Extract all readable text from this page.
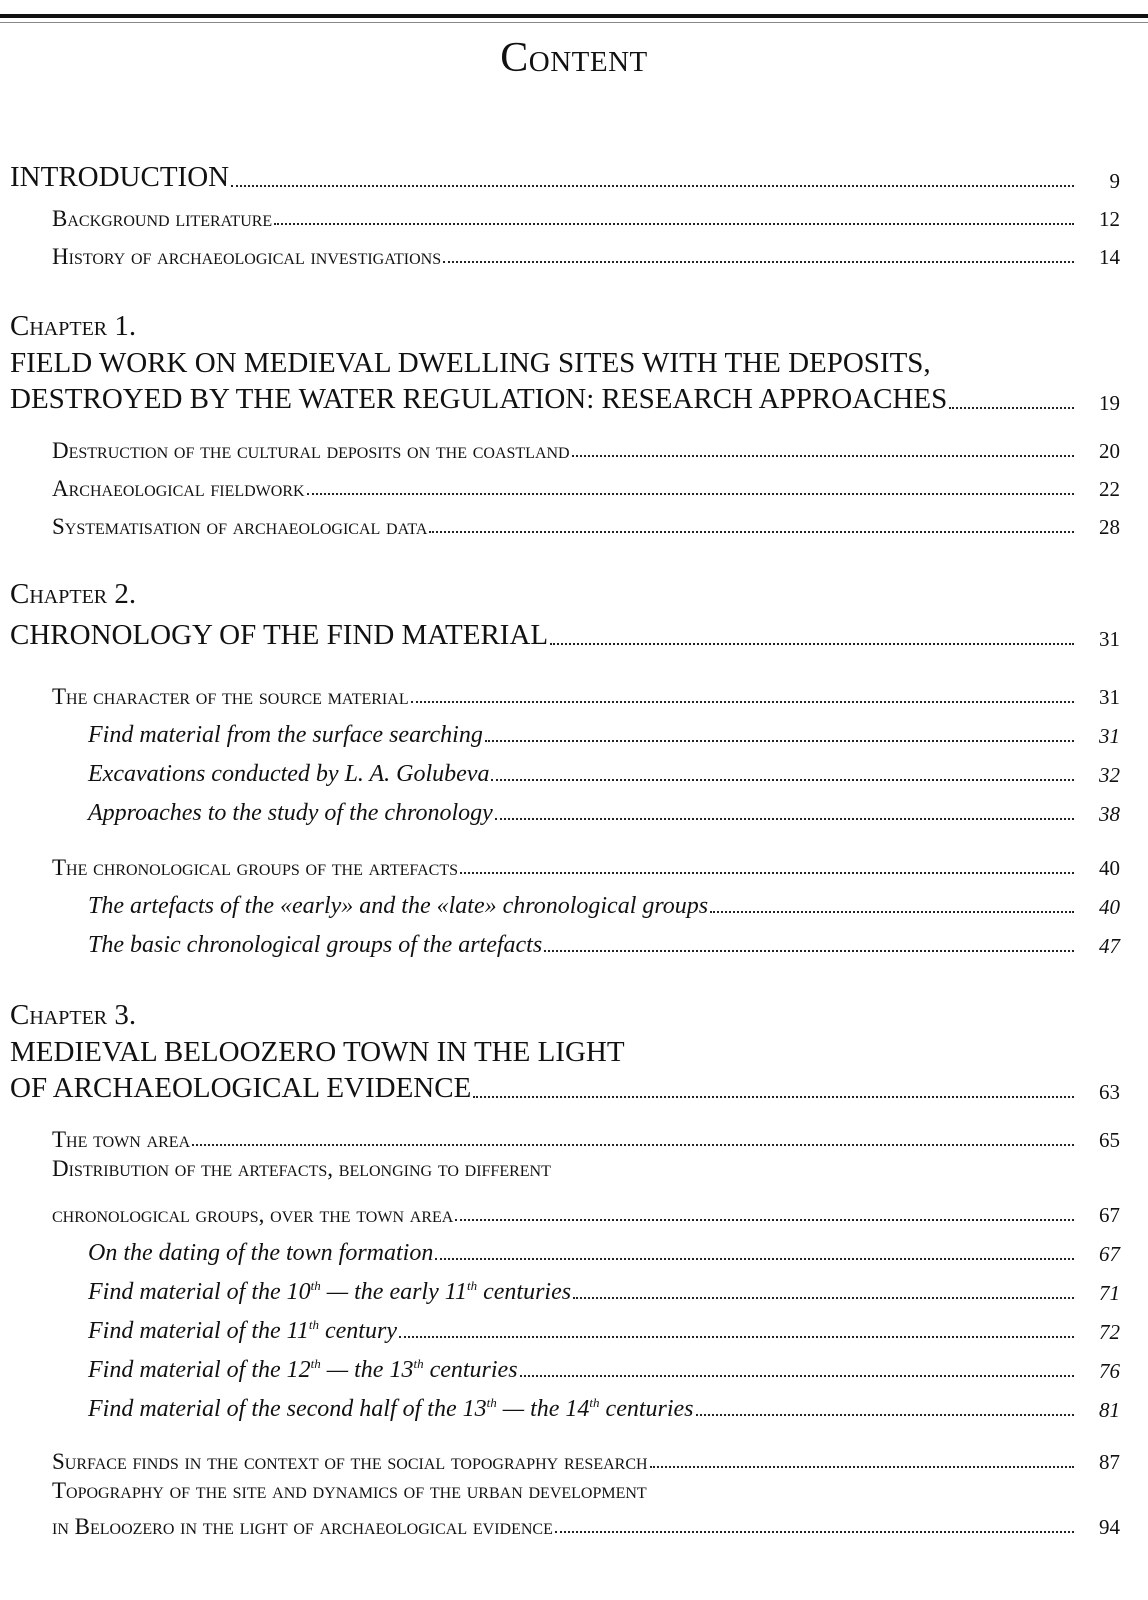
Content
INTRODUCTION	9
Background literature	12
History of archaeological investigations	14
Chapter 1.
FIELD WORK ON MEDIEVAL DWELLING SITES WITH THE DEPOSITS,
DESTROYED BY THE WATER REGULATION: RESEARCH APPROACHES	19
Destruction of the cultural deposits on the coastland	20
Archaeological fieldwork	22
Systematisation of archaeological data	28
Chapter 2.
CHRONOLOGY OF THE FIND MATERIAL	31
The character of the source material	31
Find material from the surface searching	31
Excavations conducted by L. A. Golubeva	32
Approaches to the study of the chronology	38
The chronological groups of the artefacts	40
The artefacts of the «early» and the «late» chronological groups	40
The basic chronological groups of the artefacts	47
Chapter 3.
MEDIEVAL BELOOZERO TOWN IN THE LIGHT
OF ARCHAEOLOGICAL EVIDENCE	63
The town area	65
Distribution of the artefacts, belonging to different
chronological groups, over the town area	67
On the dating of the town formation	67
Find material of the 10th — the early 11th centuries	71
Find material of the 11th century	72
Find material of the 12th — the 13th centuries	76
Find material of the second half of the 13th — the 14th centuries	81
Surface finds in the context of the social topography research	87
Topography of the site and dynamics of the urban development
in Beloozero in the light of archaeological evidence	94
